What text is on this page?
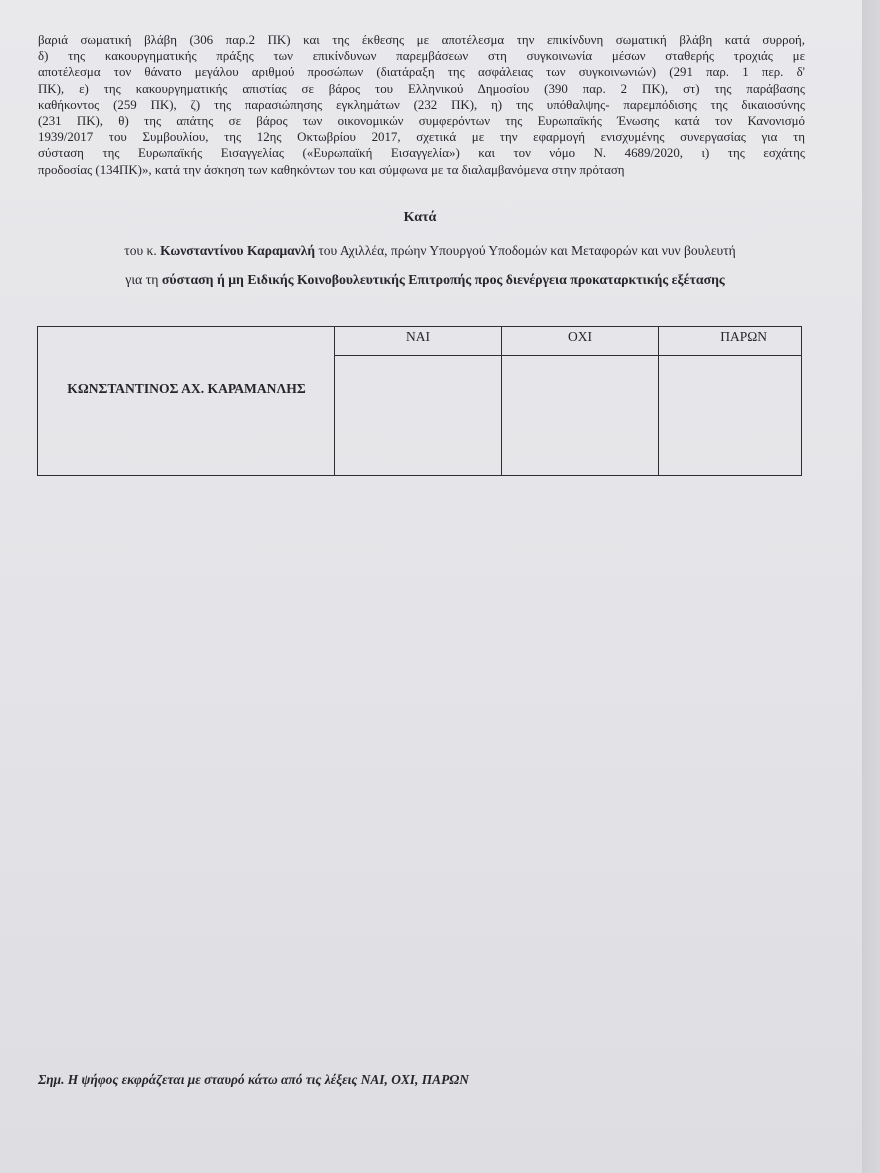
βαριά σωματική βλάβη (306 παρ.2 ΠΚ) και της έκθεσης με αποτέλεσμα την επικίνδυνη σωματική βλάβη κατά συρροή,
δ) της κακουργηματικής πράξης των επικίνδυνων παρεμβάσεων στη συγκοινωνία μέσων σταθερής τροχιάς με
αποτέλεσμα τον θάνατο μεγάλου αριθμού προσώπων (διατάραξη της ασφάλειας των συγκοινωνιών) (291 παρ. 1 περ. δ'
ΠΚ), ε) της κακουργηματικής απιστίας σε βάρος του Ελληνικού Δημοσίου (390 παρ. 2 ΠΚ), στ) της παράβασης
καθήκοντος (259 ΠΚ), ζ) της παρασιώπησης εγκλημάτων (232 ΠΚ), η) της υπόθαλψης- παρεμπόδισης της δικαιοσύνης
(231 ΠΚ), θ) της απάτης σε βάρος των οικονομικών συμφερόντων της Ευρωπαϊκής Ένωσης κατά τον Κανονισμό
1939/2017 του Συμβουλίου, της 12ης Οκτωβρίου 2017, σχετικά με την εφαρμογή ενισχυμένης συνεργασίας για τη
σύσταση της Ευρωπαϊκής Εισαγγελίας («Ευρωπαϊκή Εισαγγελία») και τον νόμο Ν. 4689/2020, ι) της εσχάτης
προδοσίας (134ΠΚ)», κατά την άσκηση των καθηκόντων του και σύμφωνα με τα διαλαμβανόμενα στην πρόταση
Κατά
του κ. Κωνσταντίνου Καραμανλή του Αχιλλέα, πρώην Υπουργού Υποδομών και Μεταφορών και νυν βουλευτή
για τη σύσταση ή μη Ειδικής Κοινοβουλευτικής Επιτροπής προς διενέργεια προκαταρκτικής εξέτασης
ΝΑΙ	ΟΧΙ	ΠΑΡΩΝ
ΚΩΝΣΤΑΝΤΙΝΟΣ ΑΧ. ΚΑΡΑΜΑΝΛΗΣ
Σημ. Η ψήφος εκφράζεται με σταυρό κάτω από τις λέξεις ΝΑΙ, ΟΧΙ, ΠΑΡΩΝ
